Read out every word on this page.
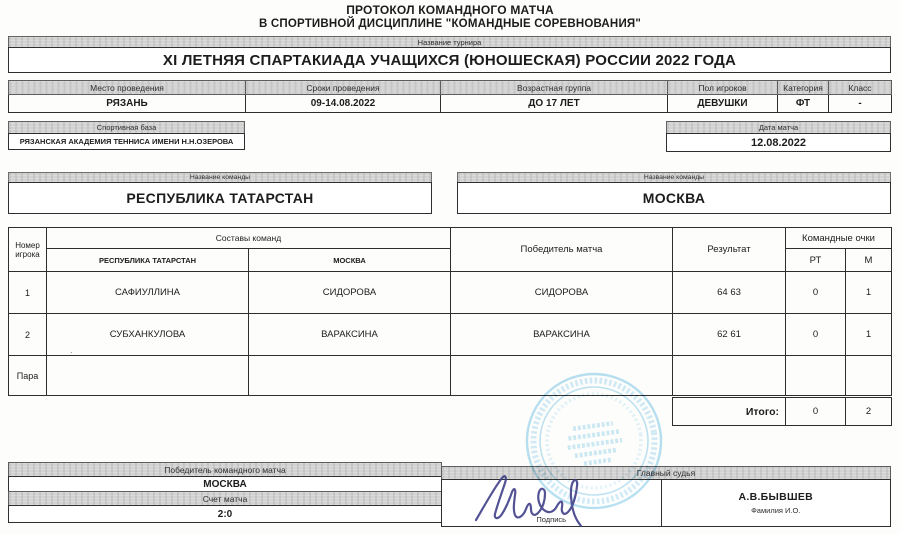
ПРОТОКОЛ КОМАНДНОГО МАТЧА
В СПОРТИВНОЙ ДИСЦИПЛИНЕ "КОМАНДНЫЕ СОРЕВНОВАНИЯ"
Название турнира
XI ЛЕТНЯЯ СПАРТАКИАДА УЧАЩИХСЯ (ЮНОШЕСКАЯ) РОССИИ 2022 ГОДА
Место проведения	Сроки проведения	Возрастная группа	Пол игроков	Категория	Класс
РЯЗАНЬ	09-14.08.2022	ДО 17 ЛЕТ	ДЕВУШКИ	ФТ	-
Спортивная база
РЯЗАНСКАЯ АКАДЕМИЯ ТЕННИСА ИМЕНИ Н.Н.ОЗЕРОВА
Дата матча
12.08.2022
Название команды
РЕСПУБЛИКА ТАТАРСТАН
Название команды
МОСКВА
Номер игрока	Составы команд		Победитель матча	Результат	Командные очки	
	РЕСПУБЛИКА ТАТАРСТАН	МОСКВА			РТ	М
1	САФИУЛЛИНА	СИДОРОВА	СИДОРОВА	64 63	0	1
2	СУБХАНКУЛОВА	ВАРАКСИНА	ВАРАКСИНА	62 61	0	1
Пара						
Итого:	0	2
·
Победитель командного матча
МОСКВА
Счет матча
2:0
Главный судья
Подпись
А.В.БЫВШЕВ
Фамилия И.О.
